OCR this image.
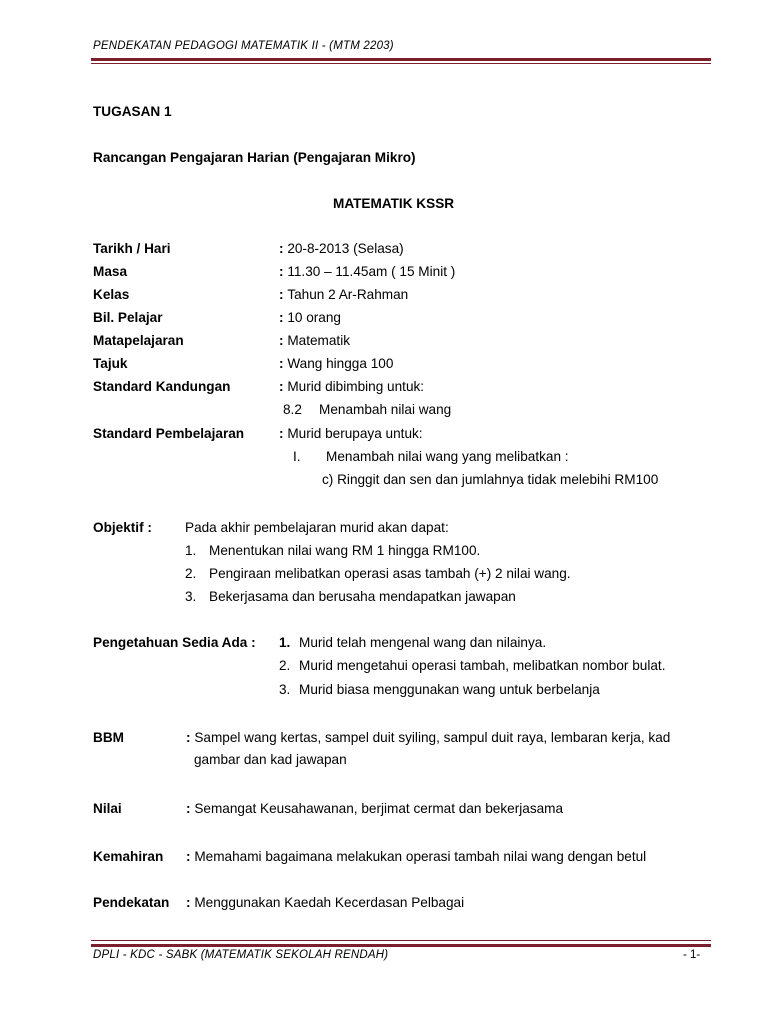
PENDEKATAN PEDAGOGI MATEMATIK II - (MTM 2203)
TUGASAN 1
Rancangan Pengajaran Harian (Pengajaran Mikro)
MATEMATIK KSSR
Tarikh / Hari	: 20-8-2013 (Selasa)
Masa	: 11.30 – 11.45am ( 15 Minit )
Kelas	: Tahun 2 Ar-Rahman
Bil. Pelajar	: 10 orang
Matapelajaran	: Matematik
Tajuk	: Wang hingga 100
Standard Kandungan	: Murid dibimbing untuk:
8.2 Menambah nilai wang
Standard Pembelajaran	: Murid berupaya untuk:
I. Menambah nilai wang yang melibatkan :
c) Ringgit dan sen dan jumlahnya tidak melebihi RM100
Objektif : Pada akhir pembelajaran murid akan dapat:
1. Menentukan nilai wang RM 1 hingga RM100.
2. Pengiraan melibatkan operasi asas tambah (+) 2 nilai wang.
3. Bekerjasama dan berusaha mendapatkan jawapan
Pengetahuan Sedia Ada : 1. Murid telah mengenal wang dan nilainya.
2. Murid mengetahui operasi tambah, melibatkan nombor bulat.
3. Murid biasa menggunakan wang untuk berbelanja
BBM	: Sampel wang kertas, sampel duit syiling, sampul duit raya, lembaran kerja, kad
gambar dan kad jawapan
Nilai	: Semangat Keusahawanan, berjimat cermat dan bekerjasama
Kemahiran : Memahami bagaimana melakukan operasi tambah nilai wang dengan betul
Pendekatan : Menggunakan Kaedah Kecerdasan Pelbagai
DPLI - KDC - SABK (MATEMATIK SEKOLAH RENDAH)	- 1-
